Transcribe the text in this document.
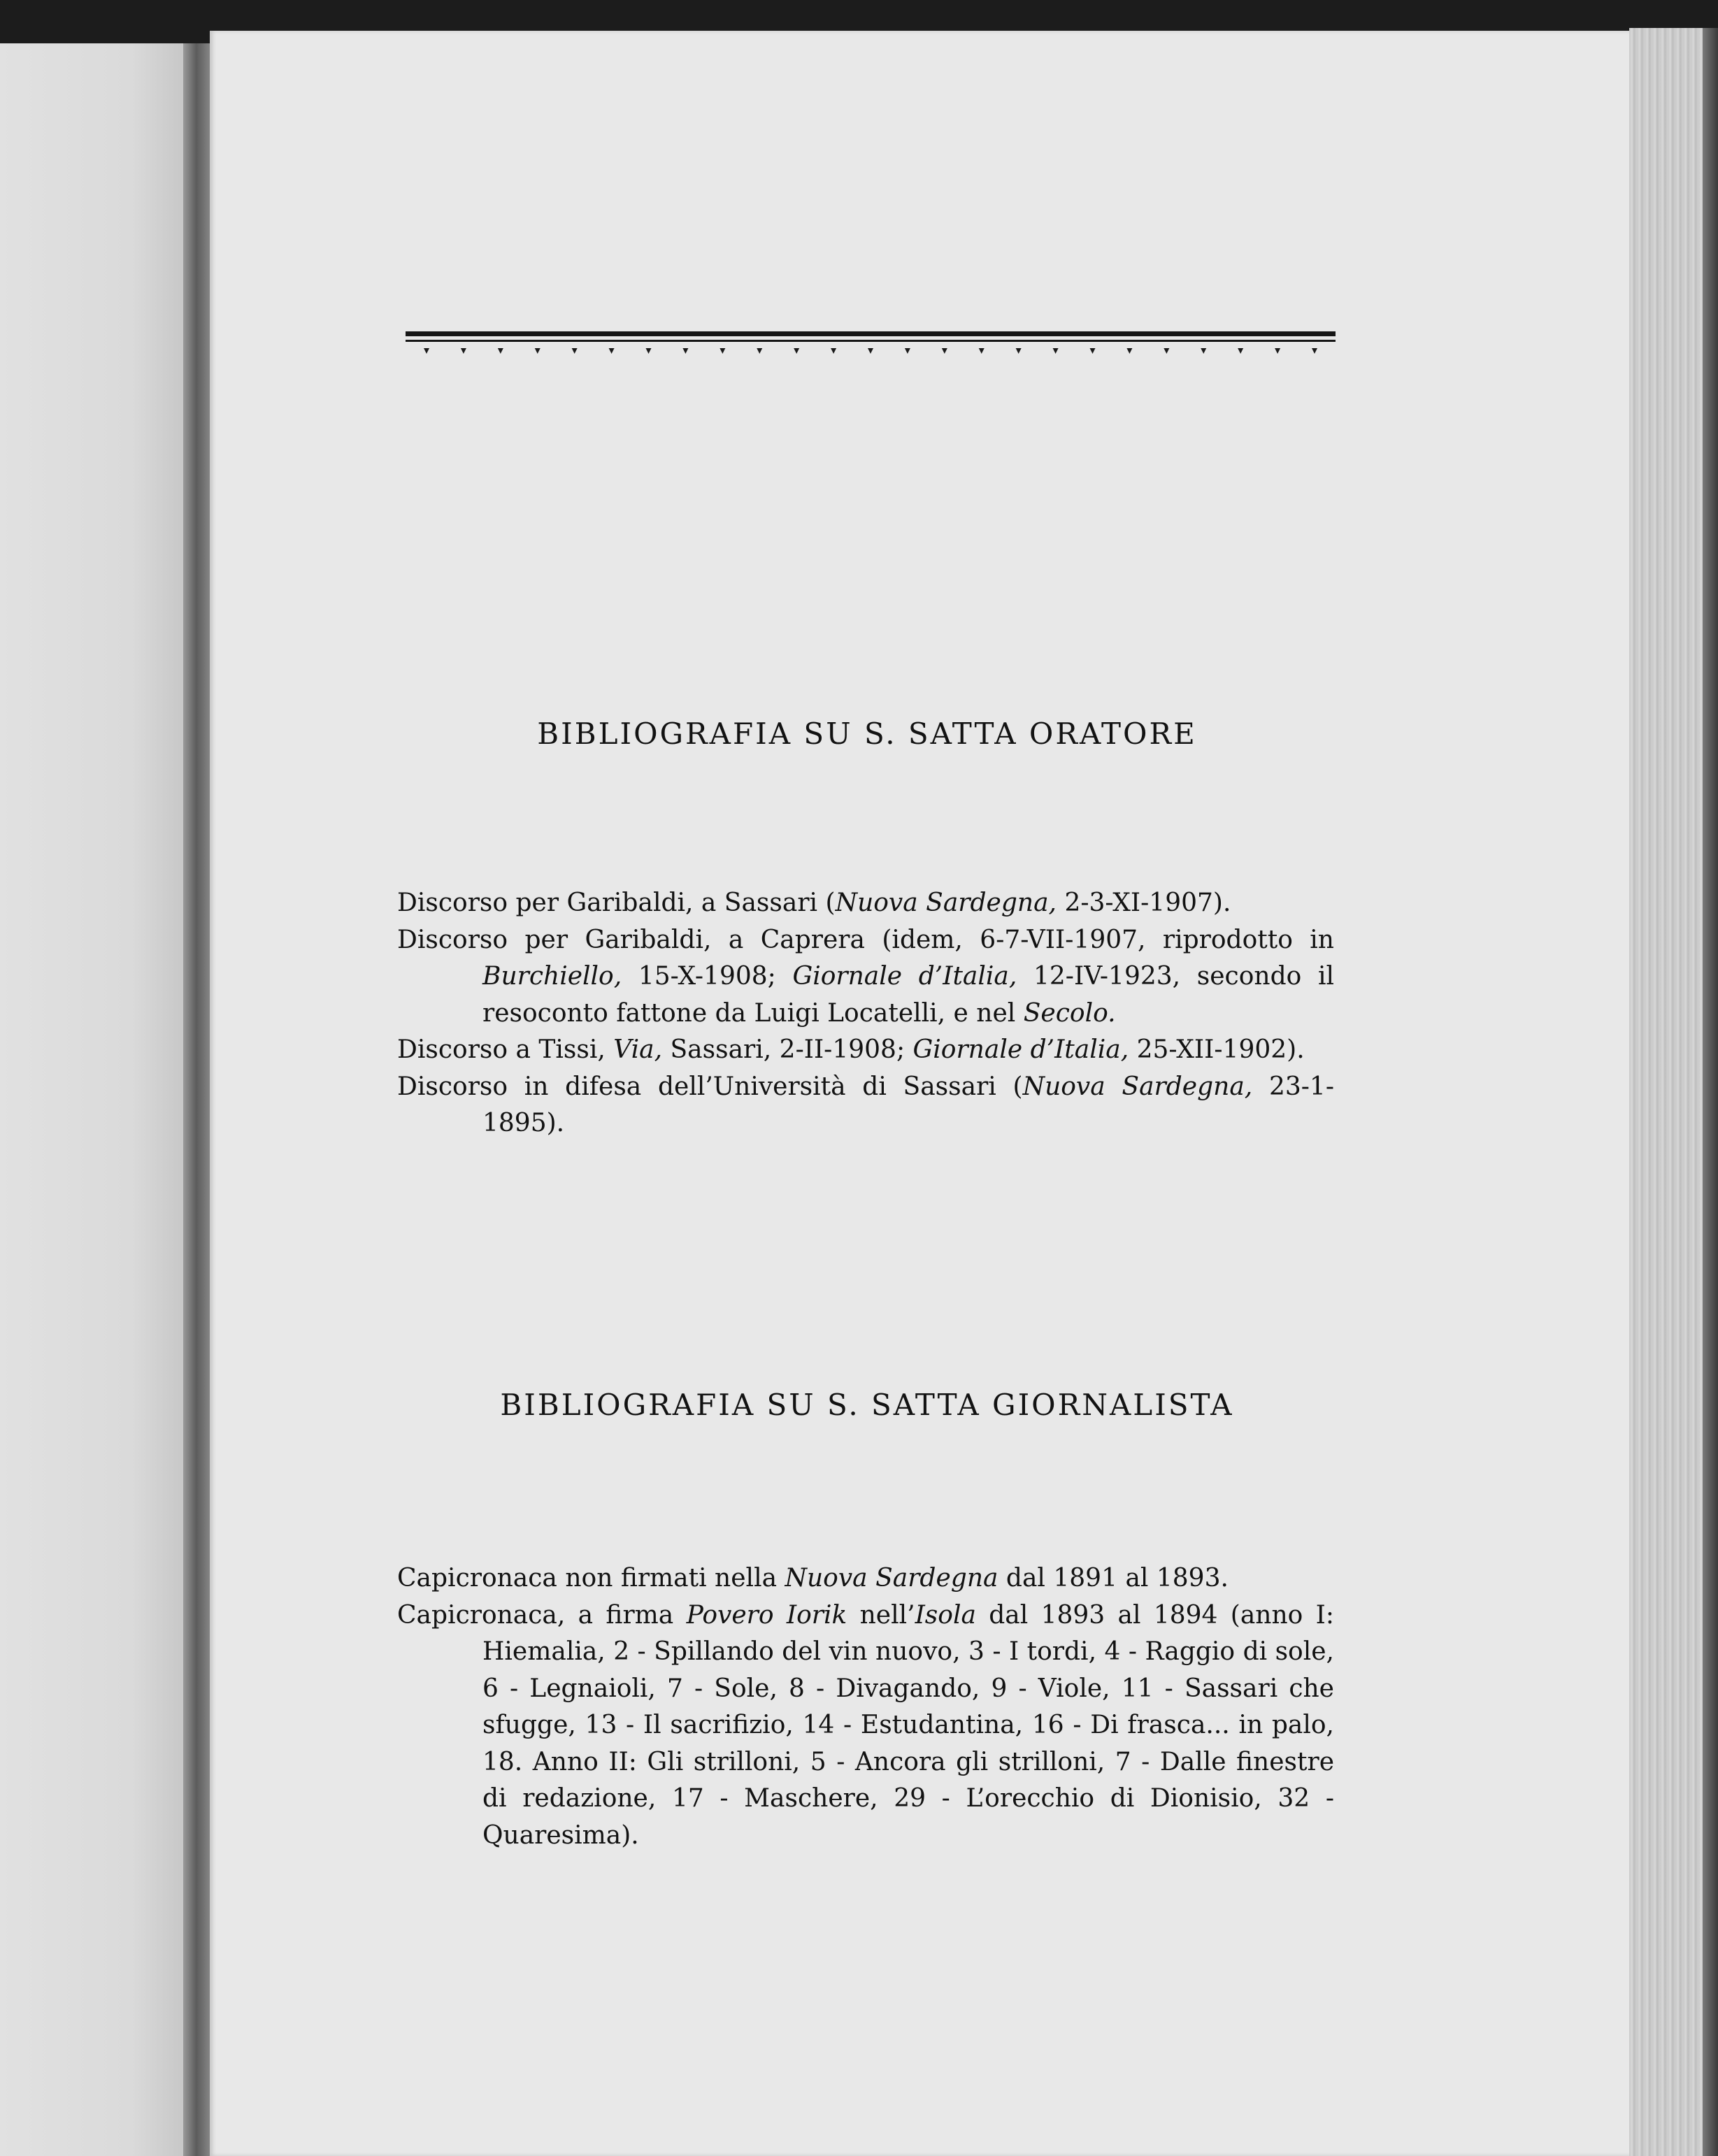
BIBLIOGRAFIA SU S. SATTA ORATORE
Discorso per Garibaldi, a Sassari (Nuova Sardegna, 2-3-XI-1907).
Discorso per Garibaldi, a Caprera (idem, 6-7-VII-1907, riprodotto in Burchiello, 15-X-1908; Giornale d’Italia, 12-IV-1923, secondo il resoconto fattone da Luigi Locatelli, e nel Secolo.
Discorso a Tissi, Via, Sassari, 2-II-1908; Giornale d’Italia, 25-XII-1902).
Discorso in difesa dell’Università di Sassari (Nuova Sardegna, 23-1-1895).
BIBLIOGRAFIA SU S. SATTA GIORNALISTA
Capicronaca non firmati nella Nuova Sardegna dal 1891 al 1893.
Capicronaca, a firma Povero Iorik nell’Isola dal 1893 al 1894 (anno I: Hiemalia, 2 - Spillando del vin nuovo, 3 - I tordi, 4 - Raggio di sole, 6 - Legnaioli, 7 - Sole, 8 - Divagando, 9 - Viole, 11 - Sassari che sfugge, 13 - Il sacrifizio, 14 - Estudantina, 16 - Di frasca... in palo, 18. Anno II: Gli strilloni, 5 - Ancora gli strilloni, 7 - Dalle finestre di redazione, 17 - Maschere, 29 - L’orecchio di Dionisio, 32 - Quaresima).
